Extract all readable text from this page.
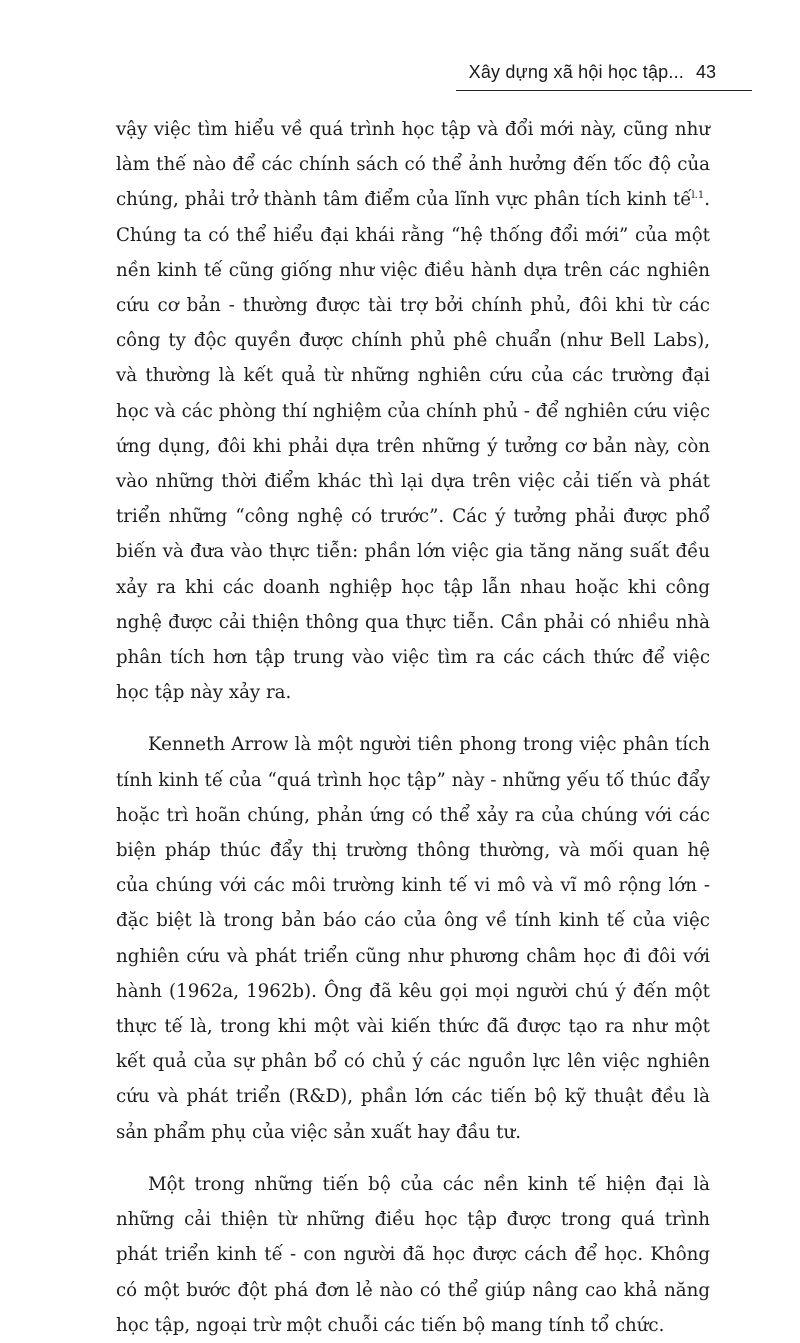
Xây dựng xã hội học tập... 43

vậy việc tìm hiểu về quá trình học tập và đổi mới này, cũng như làm thế nào để các chính sách có thể ảnh hưởng đến tốc độ của chúng, phải trở thành tâm điểm của lĩnh vực phân tích kinh tế$^{l.1}$. Chúng ta có thể hiểu đại khái rằng “hệ thống đổi mới” của một nền kinh tế cũng giống như việc điều hành dựa trên các nghiên cứu cơ bản - thường được tài trợ bởi chính phủ, đôi khi từ các công ty độc quyền được chính phủ phê chuẩn (như Bell Labs), và thường là kết quả từ những nghiên cứu của các trường đại học và các phòng thí nghiệm của chính phủ - để nghiên cứu việc ứng dụng, đôi khi phải dựa trên những ý tưởng cơ bản này, còn vào những thời điểm khác thì lại dựa trên việc cải tiến và phát triển những “công nghệ có trước”. Các ý tưởng phải được phổ biến và đưa vào thực tiễn: phần lớn việc gia tăng năng suất đều xảy ra khi các doanh nghiệp học tập lẫn nhau hoặc khi công nghệ được cải thiện thông qua thực tiễn. Cần phải có nhiều nhà phân tích hơn tập trung vào việc tìm ra các cách thức để việc học tập này xảy ra.

Kenneth Arrow là một người tiên phong trong việc phân tích tính kinh tế của “quá trình học tập” này - những yếu tố thúc đẩy hoặc trì hoãn chúng, phản ứng có thể xảy ra của chúng với các biện pháp thúc đẩy thị trường thông thường, và mối quan hệ của chúng với các môi trường kinh tế vi mô và vĩ mô rộng lớn - đặc biệt là trong bản báo cáo của ông về tính kinh tế của việc nghiên cứu và phát triển cũng như phương châm học đi đôi với hành (1962a, 1962b). Ông đã kêu gọi mọi người chú ý đến một thực tế là, trong khi một vài kiến thức đã được tạo ra như một kết quả của sự phân bổ có chủ ý các nguồn lực lên việc nghiên cứu và phát triển (R&D), phần lớn các tiến bộ kỹ thuật đều là sản phẩm phụ của việc sản xuất hay đầu tư.

Một trong những tiến bộ của các nền kinh tế hiện đại là những cải thiện từ những điều học tập được trong quá trình phát triển kinh tế - con người đã học được cách để học. Không có một bước đột phá đơn lẻ nào có thể giúp nâng cao khả năng học tập, ngoại trừ một chuỗi các tiến bộ mang tính tổ chức.
